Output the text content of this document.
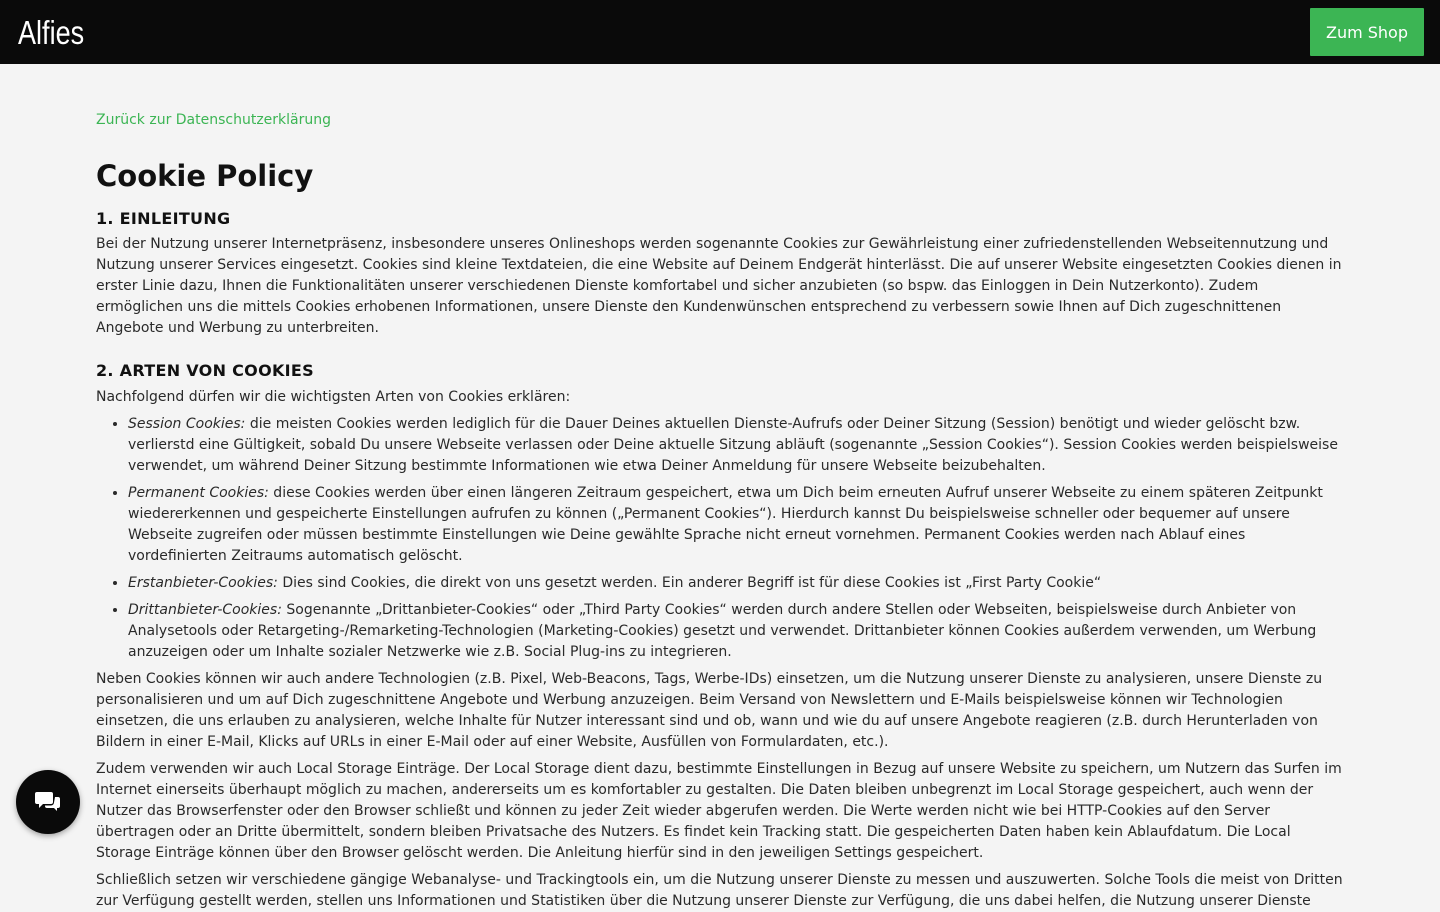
Alfies	Zum Shop
Zurück zur Datenschutzerklärung
Cookie Policy
1. EINLEITUNG

Bei der Nutzung unserer Internetpräsenz, insbesondere unseres Onlineshops werden sogenannte Cookies zur Gewährleistung einer zufriedenstellenden Webseitennutzung und Nutzung unserer Services eingesetzt. Cookies sind kleine Textdateien, die eine Website auf Deinem Endgerät hinterlässt. Die auf unserer Website eingesetzten Cookies dienen in erster Linie dazu, Ihnen die Funktionalitäten unserer verschiedenen Dienste komfortabel und sicher anzubieten (so bspw. das Einloggen in Dein Nutzerkonto). Zudem ermöglichen uns die mittels Cookies erhobenen Informationen, unsere Dienste den Kundenwünschen entsprechend zu verbessern sowie Ihnen auf Dich zugeschnittenen Angebote und Werbung zu unterbreiten.

2. ARTEN VON COOKIES

Nachfolgend dürfen wir die wichtigsten Arten von Cookies erklären:

• Session Cookies: die meisten Cookies werden lediglich für die Dauer Deines aktuellen Dienste-Aufrufs oder Deiner Sitzung (Session) benötigt und wieder gelöscht bzw. verlierstd eine Gültigkeit, sobald Du unsere Webseite verlassen oder Deine aktuelle Sitzung abläuft (sogenannte „Session Cookies“). Session Cookies werden beispielsweise verwendet, um während Deiner Sitzung bestimmte Informationen wie etwa Deiner Anmeldung für unsere Webseite beizubehalten.
• Permanent Cookies: diese Cookies werden über einen längeren Zeitraum gespeichert, etwa um Dich beim erneuten Aufruf unserer Webseite zu einem späteren Zeitpunkt wiedererkennen und gespeicherte Einstellungen aufrufen zu können („Permanent Cookies“). Hierdurch kannst Du beispielsweise schneller oder bequemer auf unsere Webseite zugreifen oder müssen bestimmte Einstellungen wie Deine gewählte Sprache nicht erneut vornehmen. Permanent Cookies werden nach Ablauf eines vordefinierten Zeitraums automatisch gelöscht.
• Erstanbieter-Cookies: Dies sind Cookies, die direkt von uns gesetzt werden. Ein anderer Begriff ist für diese Cookies ist „First Party Cookie“
• Drittanbieter-Cookies: Sogenannte „Drittanbieter-Cookies“ oder „Third Party Cookies“ werden durch andere Stellen oder Webseiten, beispielsweise durch Anbieter von Analysetools oder Retargeting-/Remarketing-Technologien (Marketing-Cookies) gesetzt und verwendet. Drittanbieter können Cookies außerdem verwenden, um Werbung anzuzeigen oder um Inhalte sozialer Netzwerke wie z.B. Social Plug-ins zu integrieren.

Neben Cookies können wir auch andere Technologien (z.B. Pixel, Web-Beacons, Tags, Werbe-IDs) einsetzen, um die Nutzung unserer Dienste zu analysieren, unsere Dienste zu personalisieren und um auf Dich zugeschnittene Angebote und Werbung anzuzeigen. Beim Versand von Newslettern und E-Mails beispielsweise können wir Technologien einsetzen, die uns erlauben zu analysieren, welche Inhalte für Nutzer interessant sind und ob, wann und wie du auf unsere Angebote reagieren (z.B. durch Herunterladen von Bildern in einer E-Mail, Klicks auf URLs in einer E-Mail oder auf einer Website, Ausfüllen von Formulardaten, etc.).

Zudem verwenden wir auch Local Storage Einträge. Der Local Storage dient dazu, bestimmte Einstellungen in Bezug auf unsere Website zu speichern, um Nutzern das Surfen im Internet einerseits überhaupt möglich zu machen, andererseits um es komfortabler zu gestalten. Die Daten bleiben unbegrenzt im Local Storage gespeichert, auch wenn der Nutzer das Browserfenster oder den Browser schließt und können zu jeder Zeit wieder abgerufen werden. Die Werte werden nicht wie bei HTTP-Cookies auf den Server übertragen oder an Dritte übermittelt, sondern bleiben Privatsache des Nutzers. Es findet kein Tracking statt. Die gespeicherten Daten haben kein Ablaufdatum. Die Local Storage Einträge können über den Browser gelöscht werden. Die Anleitung hierfür sind in den jeweiligen Settings gespeichert.

Schließlich setzen wir verschiedene gängige Webanalyse- und Trackingtools ein, um die Nutzung unserer Dienste zu messen und auszuwerten. Solche Tools die meist von Dritten zur Verfügung gestellt werden, stellen uns Informationen und Statistiken über die Nutzung unserer Dienste zur Verfügung, die uns dabei helfen, die Nutzung unserer Dienste
